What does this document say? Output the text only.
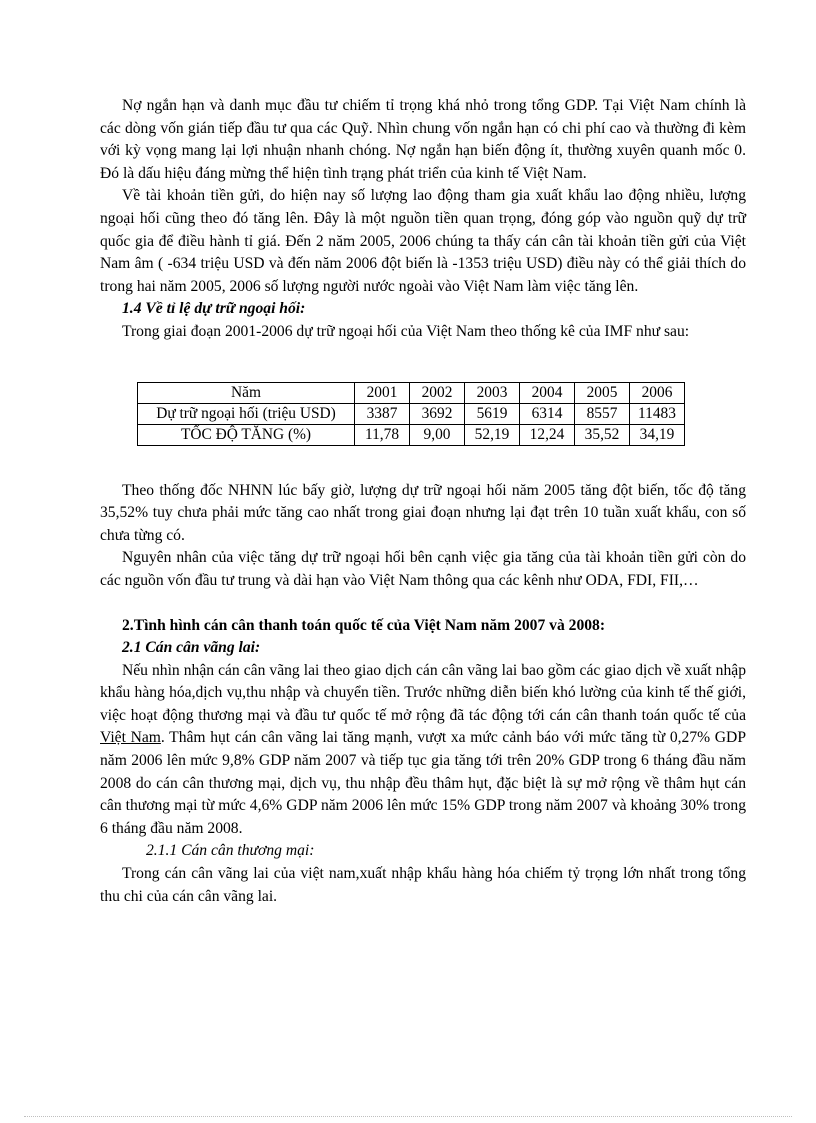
Nợ ngắn hạn và danh mục đầu tư chiếm tỉ trọng khá nhỏ trong tổng GDP. Tại Việt Nam chính là các dòng vốn gián tiếp đầu tư qua các Quỹ. Nhìn chung vốn ngắn hạn có chi phí cao và thường đi kèm với kỳ vọng mang lại lợi nhuận nhanh chóng. Nợ ngắn hạn biến động ít, thường xuyên quanh mốc 0. Đó là dấu hiệu đáng mừng thể hiện tình trạng phát triển của kinh tế Việt Nam.

Về tài khoản tiền gửi, do hiện nay số lượng lao động tham gia xuất khẩu lao động nhiều, lượng ngoại hối cũng theo đó tăng lên. Đây là một nguồn tiền quan trọng, đóng góp vào nguồn quỹ dự trữ quốc gia để điều hành tỉ giá. Đến 2 năm 2005, 2006 chúng ta thấy cán cân tài khoản tiền gửi của Việt Nam âm ( -634 triệu USD và đến năm 2006 đột biến là -1353 triệu USD) điều này có thể giải thích do trong hai năm 2005, 2006 số lượng người nước ngoài vào Việt Nam làm việc tăng lên.

1.4 Về tỉ lệ dự trữ ngoại hối:

Trong giai đoạn 2001-2006 dự trữ ngoại hối của Việt Nam theo thống kê của IMF như sau:

Năm	2001	2002	2003	2004	2005	2006
Dự trữ ngoại hối (triệu USD)	3387	3692	5619	6314	8557	11483
TỐC ĐỘ TĂNG (%)	11,78	9,00	52,19	12,24	35,52	34,19

Theo thống đốc NHNN lúc bấy giờ, lượng dự trữ ngoại hối năm 2005 tăng đột biến, tốc độ tăng 35,52% tuy chưa phải mức tăng cao nhất trong giai đoạn nhưng lại đạt trên 10 tuần xuất khẩu, con số chưa từng có.

Nguyên nhân của việc tăng dự trữ ngoại hối bên cạnh việc gia tăng của tài khoản tiền gửi còn do các nguồn vốn đầu tư trung và dài hạn vào Việt Nam thông qua các kênh như ODA, FDI, FII,…

2.Tình hình cán cân thanh toán quốc tế của Việt Nam năm 2007 và 2008:

2.1 Cán cân vãng lai:

Nếu nhìn nhận cán cân vãng lai theo giao dịch cán cân vãng lai bao gồm các giao dịch về xuất nhập khẩu hàng hóa,dịch vụ,thu nhập và chuyển tiền. Trước những diễn biến khó lường của kinh tế thế giới, việc hoạt động thương mại và đầu tư quốc tế mở rộng đã tác động tới cán cân thanh toán quốc tế của Việt Nam. Thâm hụt cán cân vãng lai tăng mạnh, vượt xa mức cảnh báo với mức tăng từ 0,27% GDP năm 2006 lên mức 9,8% GDP năm 2007 và tiếp tục gia tăng tới trên 20% GDP trong 6 tháng đầu năm 2008 do cán cân thương mại, dịch vụ, thu nhập đều thâm hụt, đặc biệt là sự mở rộng về thâm hụt cán cân thương mại từ mức 4,6% GDP năm 2006 lên mức 15% GDP trong năm 2007 và khoảng 30% trong 6 tháng đầu năm 2008.

2.1.1 Cán cân thương mại:

Trong cán cân vãng lai của việt nam,xuất nhập khẩu hàng hóa chiếm tỷ trọng lớn nhất trong tổng thu chi của cán cân vãng lai.
